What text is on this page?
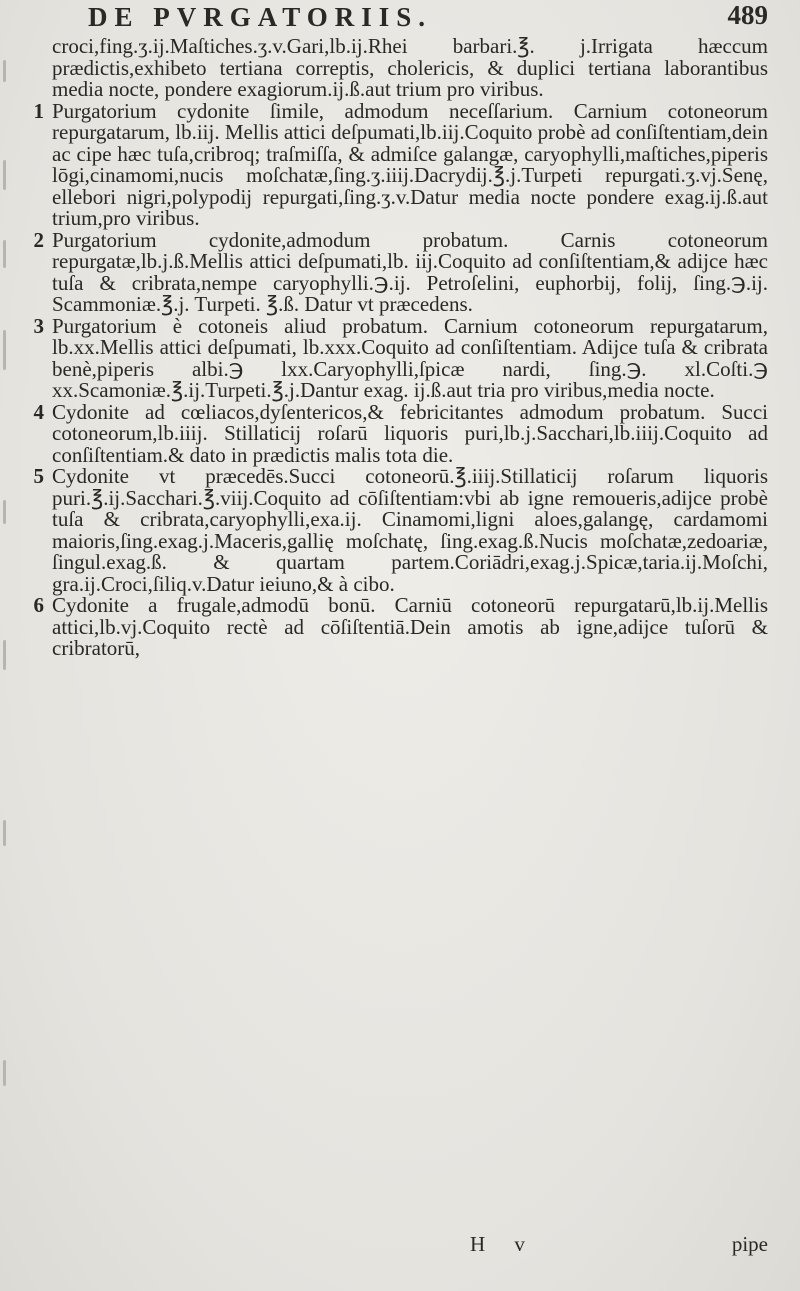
DE PVRGATORIIS.	489

croci,fing.ʒ.ij.Maſtiches.ʒ.v.Gari,lb.ij.Rhei barbari.℥. j.Irrigata hæccum prædictis,exhibeto tertiana correptis, cholericis, & duplici tertiana laborantibus media nocte, pondere exagiorum.ij.ß.aut trium pro viribus.

1 Purgatorium cydonite ſimile, admodum neceſſarium. Carnium cotoneorum repurgatarum, lb.iij. Mellis attici deſpumati,lb.iij.Coquito probè ad conſiſtentiam,dein ac cipe hæc tuſa,cribroq; traſmiſſa, & admiſce galangæ, caryophylli,maſtiches,piperis lōgi,cinamomi,nucis moſchatæ,ſing.ʒ.iiij.Dacrydij.℥.j.Turpeti repurgati.ʒ.vj.Senę, ellebori nigri,polypodij repurgati,ſing.ʒ.v.Datur media nocte pondere exag.ij.ß.aut trium,pro viribus.

2 Purgatorium cydonite,admodum probatum. Carnis cotoneorum repurgatæ,lb.j.ß.Mellis attici deſpumati,lb. iij.Coquito ad conſiſtentiam,& adijce hæc tuſa & cribrata,nempe caryophylli.℈.ij. Petroſelini, euphorbij, folij, ſing.℈.ij. Scammoniæ.℥.j. Turpeti. ℥.ß. Datur vt præcedens.

3 Purgatorium è cotoneis aliud probatum. Carnium cotoneorum repurgatarum, lb.xx.Mellis attici deſpumati, lb.xxx.Coquito ad conſiſtentiam. Adijce tuſa & cribrata benè,piperis albi.℈ lxx.Caryophylli,ſpicæ nardi, ſing.℈. xl.Coſti.℈ xx.Scamoniæ.℥.ij.Turpeti.℥.j.Dantur exag. ij.ß.aut tria pro viribus,media nocte.

4 Cydonite ad cœliacos,dyſentericos,& febricitantes admodum probatum. Succi cotoneorum,lb.iiij. Stillaticij roſarū liquoris puri,lb.j.Sacchari,lb.iiij.Coquito ad conſiſtentiam.& dato in prædictis malis tota die.

5 Cydonite vt præcedēs.Succi cotoneorū.℥.iiij.Stillaticij roſarum liquoris puri.℥.ij.Sacchari.℥.viij.Coquito ad cōſiſtentiam:vbi ab igne remoueris,adijce probè tuſa & cribrata,caryophylli,exa.ij. Cinamomi,ligni aloes,galangę, cardamomi maioris,ſing.exag.j.Maceris,gallię moſchatę, ſing.exag.ß.Nucis moſchatæ,zedoariæ, ſingul.exag.ß. & quartam partem.Coriādri,exag.j.Spicæ,taria.ij.Moſchi, gra.ij.Croci,ſiliq.v.Datur ieiuno,& à cibo.

6 Cydonite a frugale,admodū bonū. Carniū cotoneorū repurgatarū,lb.ij.Mellis attici,lb.vj.Coquito rectè ad cōſiſtentiā.Dein amotis ab igne,adijce tuſorū & cribratorū,

H v	pipe
